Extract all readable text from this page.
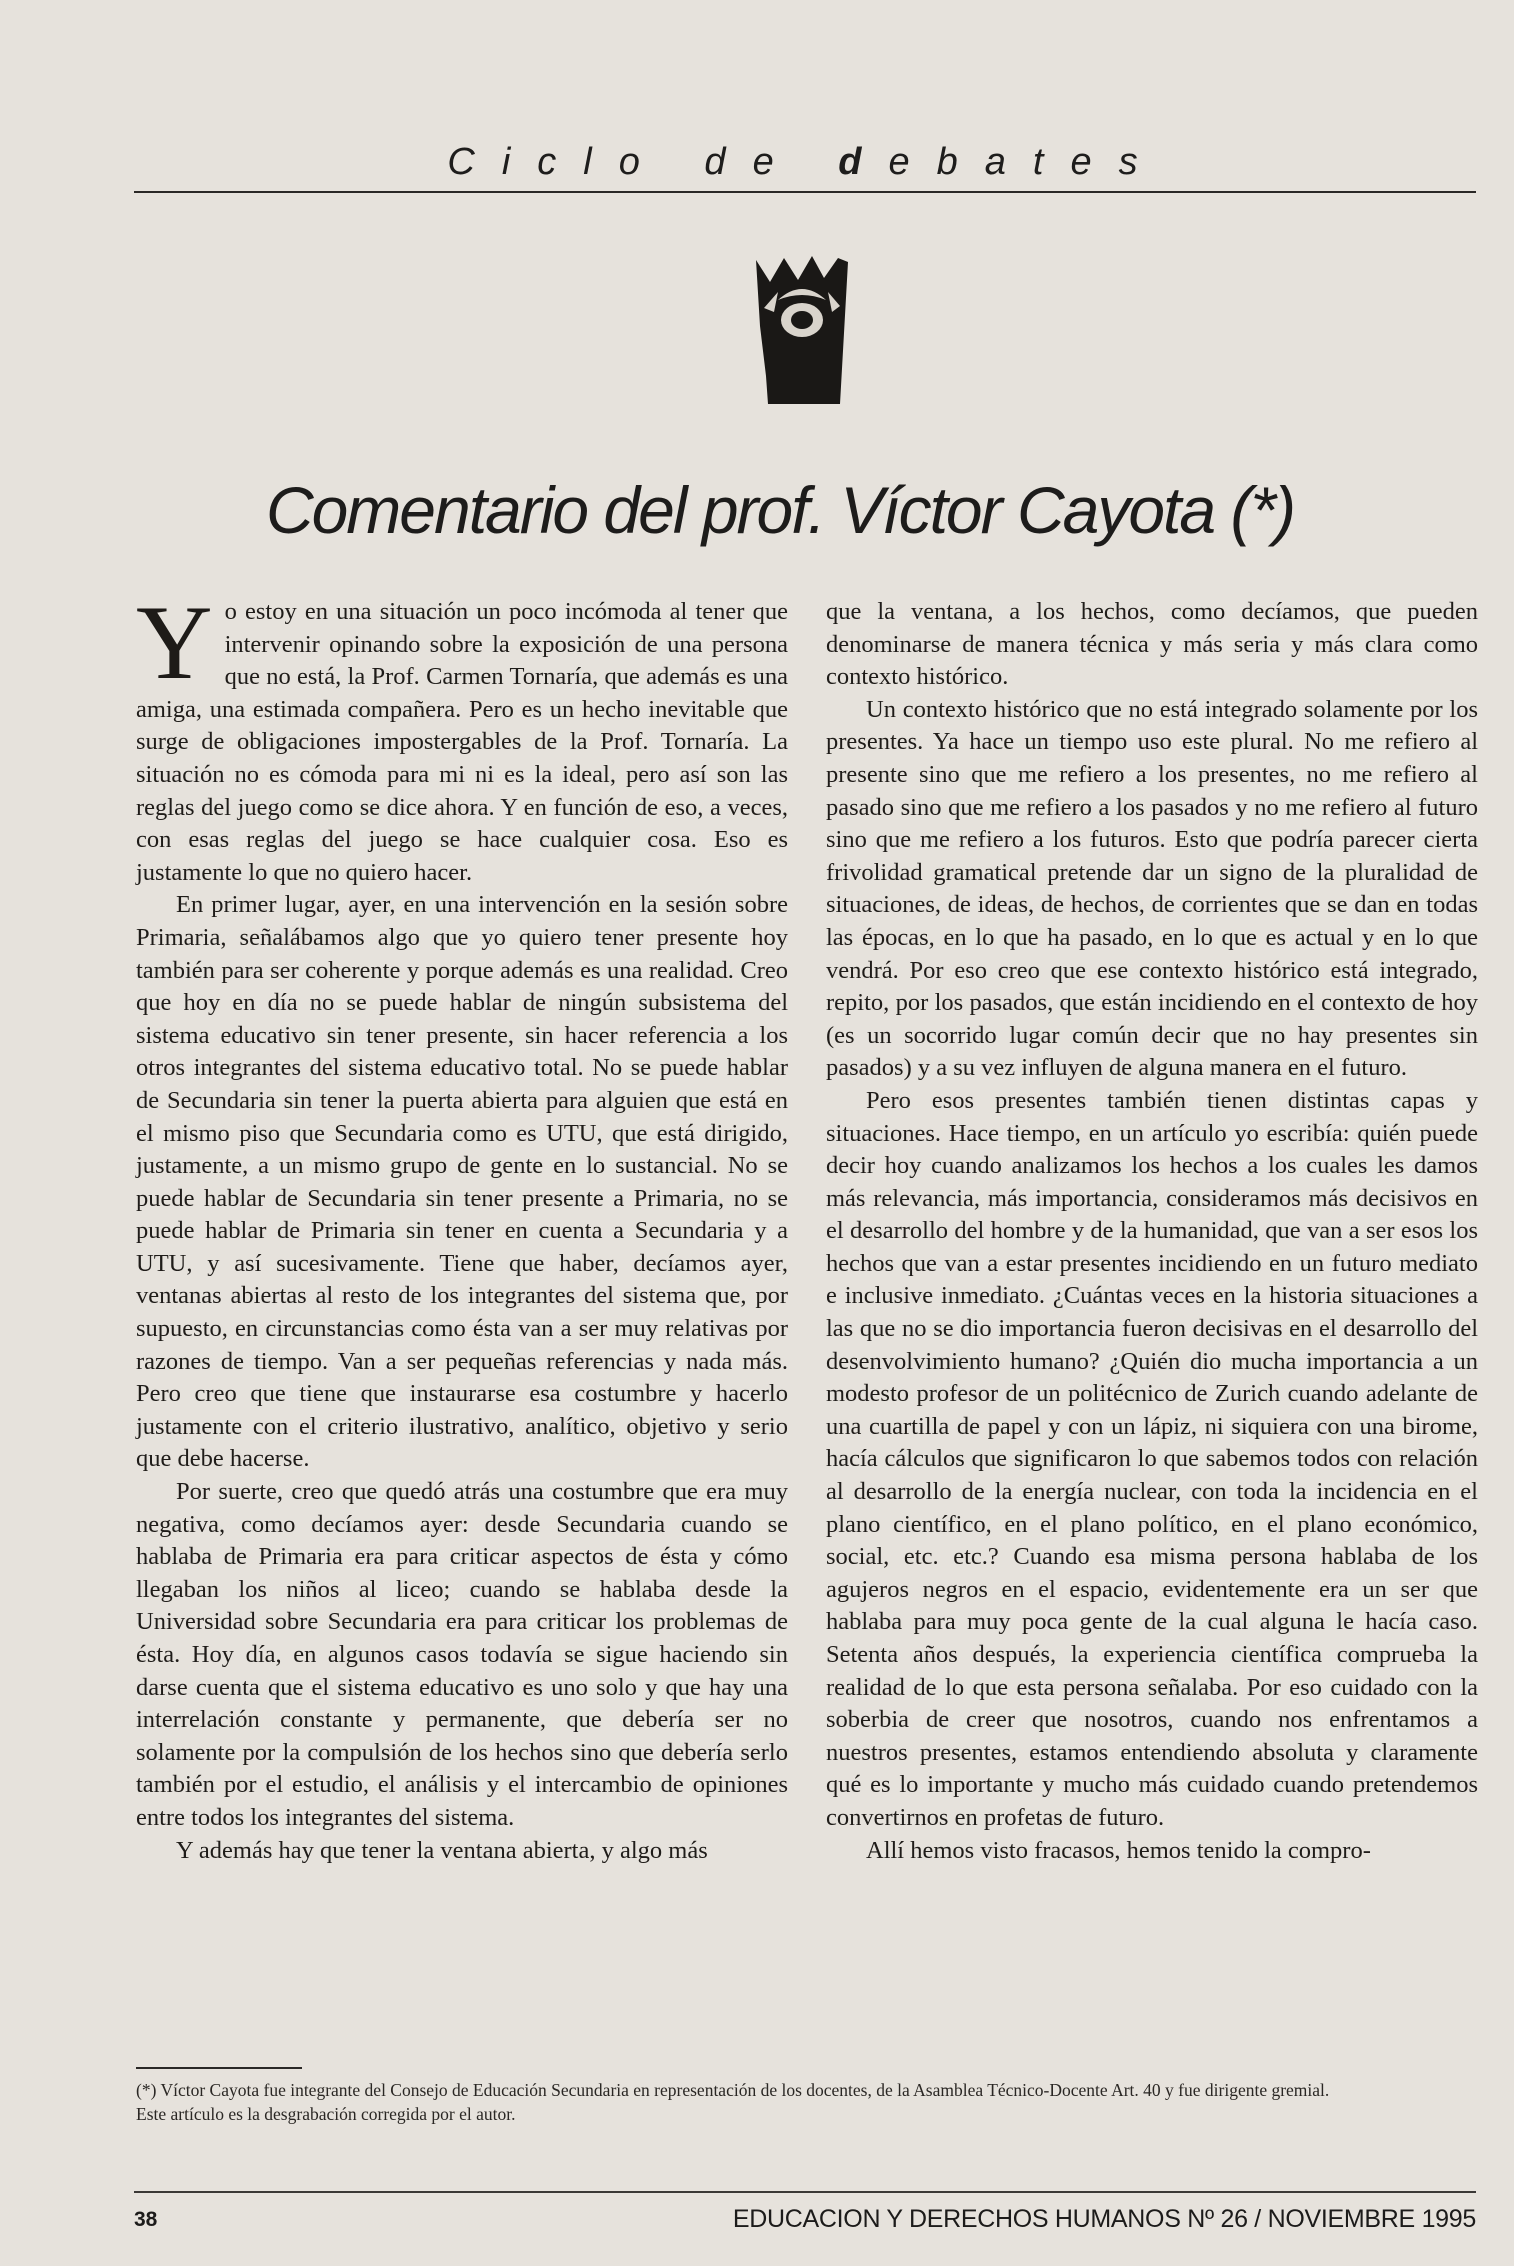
Ciclo de debates
Comentario del prof. Víctor Cayota (*)

Yo estoy en una situación un poco incómoda al tener que intervenir opinando sobre la exposición de una persona que no está, la Prof. Carmen Tornaría, que además es una amiga, una estimada compañera. Pero es un hecho inevitable que surge de obligaciones impostergables de la Prof. Tornaría. La situación no es cómoda para mi ni es la ideal, pero así son las reglas del juego como se dice ahora. Y en función de eso, a veces, con esas reglas del juego se hace cualquier cosa. Eso es justamente lo que no quiero hacer.

En primer lugar, ayer, en una intervención en la sesión sobre Primaria, señalábamos algo que yo quiero tener presente hoy también para ser coherente y porque además es una realidad. Creo que hoy en día no se puede hablar de ningún subsistema del sistema educativo sin tener presente, sin hacer referencia a los otros integrantes del sistema educativo total. No se puede hablar de Secundaria sin tener la puerta abierta para alguien que está en el mismo piso que Secundaria como es UTU, que está dirigido, justamente, a un mismo grupo de gente en lo sustancial. No se puede hablar de Secundaria sin tener presente a Primaria, no se puede hablar de Primaria sin tener en cuenta a Secundaria y a UTU, y así sucesivamente. Tiene que haber, decíamos ayer, ventanas abiertas al resto de los integrantes del sistema que, por supuesto, en circunstancias como ésta van a ser muy relativas por razones de tiempo. Van a ser pequeñas referencias y nada más. Pero creo que tiene que instaurarse esa costumbre y hacerlo justamente con el criterio ilustrativo, analítico, objetivo y serio que debe hacerse.

Por suerte, creo que quedó atrás una costumbre que era muy negativa, como decíamos ayer: desde Secundaria cuando se hablaba de Primaria era para criticar aspectos de ésta y cómo llegaban los niños al liceo; cuando se hablaba desde la Universidad sobre Secundaria era para criticar los problemas de ésta. Hoy día, en algunos casos todavía se sigue haciendo sin darse cuenta que el sistema educativo es uno solo y que hay una interrelación constante y permanente, que debería ser no solamente por la compulsión de los hechos sino que debería serlo también por el estudio, el análisis y el intercambio de opiniones entre todos los integrantes del sistema.

Y además hay que tener la ventana abierta, y algo más

que la ventana, a los hechos, como decíamos, que pueden denominarse de manera técnica y más seria y más clara como contexto histórico.

Un contexto histórico que no está integrado solamente por los presentes. Ya hace un tiempo uso este plural. No me refiero al presente sino que me refiero a los presentes, no me refiero al pasado sino que me refiero a los pasados y no me refiero al futuro sino que me refiero a los futuros. Esto que podría parecer cierta frivolidad gramatical pretende dar un signo de la pluralidad de situaciones, de ideas, de hechos, de corrientes que se dan en todas las épocas, en lo que ha pasado, en lo que es actual y en lo que vendrá. Por eso creo que ese contexto histórico está integrado, repito, por los pasados, que están incidiendo en el contexto de hoy (es un socorrido lugar común decir que no hay presentes sin pasados) y a su vez influyen de alguna manera en el futuro.

Pero esos presentes también tienen distintas capas y situaciones. Hace tiempo, en un artículo yo escribía: quién puede decir hoy cuando analizamos los hechos a los cuales les damos más relevancia, más importancia, consideramos más decisivos en el desarrollo del hombre y de la humanidad, que van a ser esos los hechos que van a estar presentes incidiendo en un futuro mediato e inclusive inmediato. ¿Cuántas veces en la historia situaciones a las que no se dio importancia fueron decisivas en el desarrollo del desenvolvimiento humano? ¿Quién dio mucha importancia a un modesto profesor de un politécnico de Zurich cuando adelante de una cuartilla de papel y con un lápiz, ni siquiera con una birome, hacía cálculos que significaron lo que sabemos todos con relación al desarrollo de la energía nuclear, con toda la incidencia en el plano científico, en el plano político, en el plano económico, social, etc. etc.? Cuando esa misma persona hablaba de los agujeros negros en el espacio, evidentemente era un ser que hablaba para muy poca gente de la cual alguna le hacía caso. Setenta años después, la experiencia científica comprueba la realidad de lo que esta persona señalaba. Por eso cuidado con la soberbia de creer que nosotros, cuando nos enfrentamos a nuestros presentes, estamos entendiendo absoluta y claramente qué es lo importante y mucho más cuidado cuando pretendemos convertirnos en profetas de futuro.

Allí hemos visto fracasos, hemos tenido la compro-

(*) Víctor Cayota fue integrante del Consejo de Educación Secundaria en representación de los docentes, de la Asamblea Técnico-Docente Art. 40 y fue dirigente gremial.
Este artículo es la desgrabación corregida por el autor.
38	EDUCACION Y DERECHOS HUMANOS Nº 26 / NOVIEMBRE 1995
